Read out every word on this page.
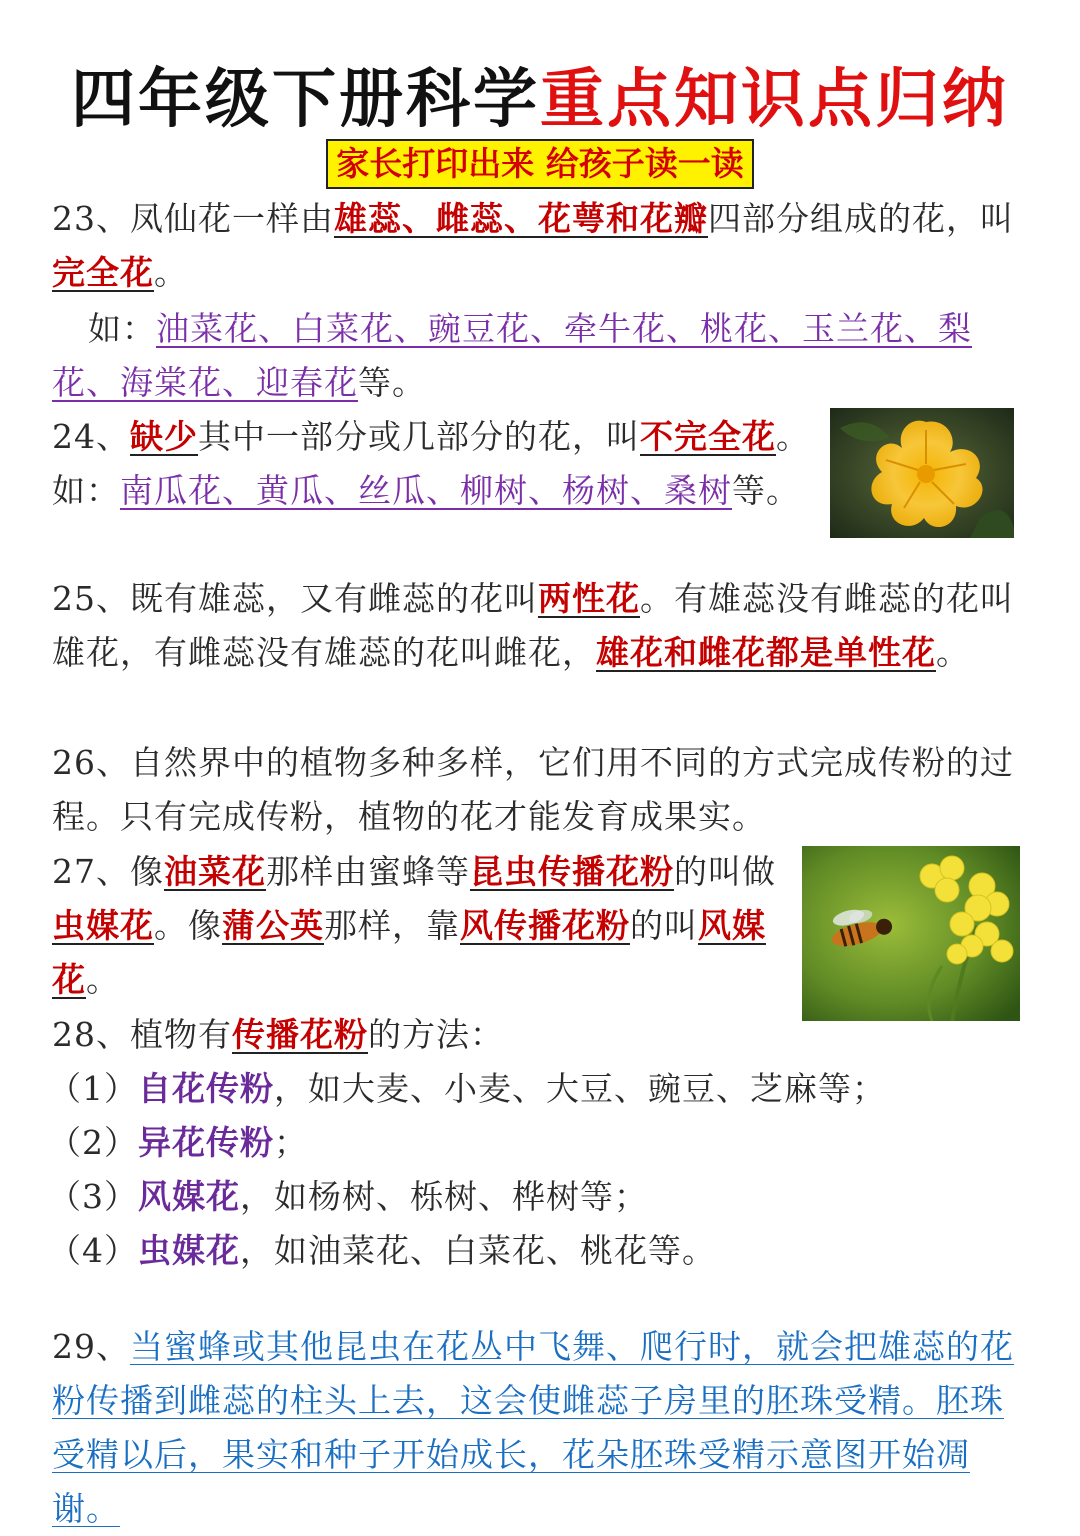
四年级下册科学重点知识点归纳
家长打印出来 给孩子读一读
23、凤仙花一样由雄蕊、雌蕊、花萼和花瓣四部分组成的花，叫完全花。
如：油菜花、白菜花、豌豆花、牵牛花、桃花、玉兰花、梨花、海棠花、迎春花等。
24、缺少其中一部分或几部分的花，叫不完全花。如：南瓜花、黄瓜、丝瓜、柳树、杨树、桑树等。
25、既有雄蕊，又有雌蕊的花叫两性花。有雄蕊没有雌蕊的花叫雄花，有雌蕊没有雄蕊的花叫雌花，雄花和雌花都是单性花。
26、自然界中的植物多种多样，它们用不同的方式完成传粉的过程。只有完成传粉，植物的花才能发育成果实。
27、像油菜花那样由蜜蜂等昆虫传播花粉的叫做虫媒花。像蒲公英那样，靠风传播花粉的叫风媒花。
28、植物有传播花粉的方法：
（1）自花传粉，如大麦、小麦、大豆、豌豆、芝麻等；
（2）异花传粉；
（3）风媒花，如杨树、栎树、桦树等；
（4）虫媒花，如油菜花、白菜花、桃花等。
29、当蜜蜂或其他昆虫在花丛中飞舞、爬行时，就会把雄蕊的花粉传播到雌蕊的柱头上去，这会使雌蕊子房里的胚珠受精。胚珠受精以后，果实和种子开始成长，花朵胚珠受精示意图开始凋谢。
